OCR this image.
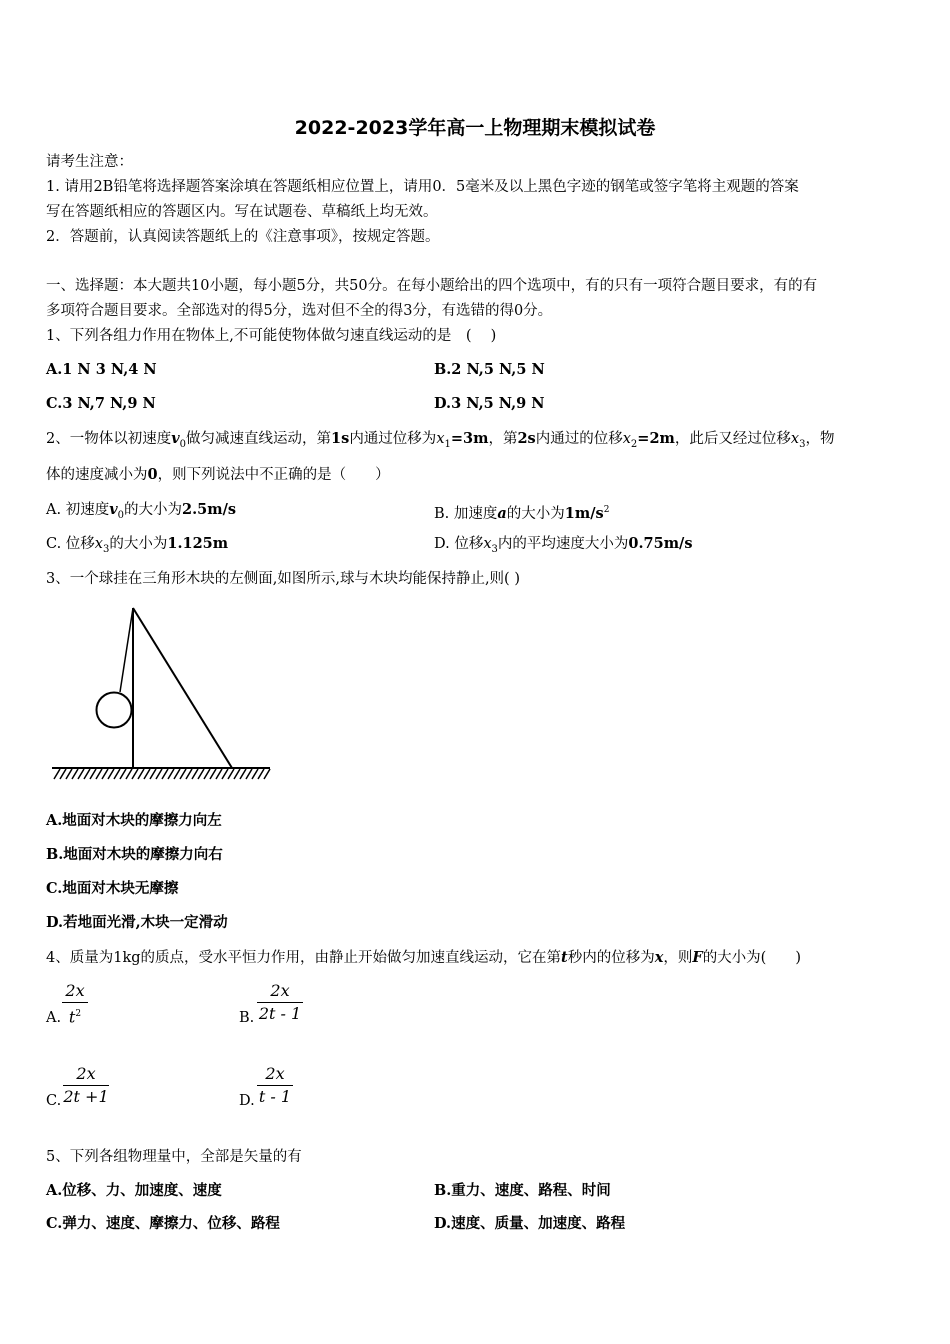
2022-2023学年高一上物理期末模拟试卷
请考生注意：
1. 请用2B铅笔将选择题答案涂填在答题纸相应位置上，请用0．5毫米及以上黑色字迹的钢笔或签字笔将主观题的答案
写在答题纸相应的答题区内。写在试题卷、草稿纸上均无效。
2．答题前，认真阅读答题纸上的《注意事项》，按规定答题。
一、选择题：本大题共10小题，每小题5分，共50分。在每小题给出的四个选项中，有的只有一项符合题目要求，有的有
多项符合题目要求。全部选对的得5分，选对但不全的得3分，有选错的得0分。
1、下列各组力作用在物体上,不可能使物体做匀速直线运动的是　( 　)
A.1 N 3 N,4 N	B.2 N,5 N,5 N
C.3 N,7 N,9 N	D.3 N,5 N,9 N
2、一物体以初速度$v_0$做匀减速直线运动，第1s内通过位移为$x_1=3m$，第2s内通过的位移$x_2=2m$，此后又经过位移$x_3$，物
体的速度减小为0，则下列说法中不正确的是（　　）
A. 初速度$v_0$的大小为2.5m/s	B. 加速度a的大小为$1m/s^2$
C. 位移$x_3$的大小为1.125m	D. 位移$x_3$内的平均速度大小为0.75m/s
3、一个球挂在三角形木块的左侧面,如图所示,球与木块均能保持静止,则( )
A.地面对木块的摩擦力向左
B.地面对木块的摩擦力向右
C.地面对木块无摩擦
D.若地面光滑,木块一定滑动
4、质量为1kg的质点，受水平恒力作用，由静止开始做匀加速直线运动，它在第t秒内的位移为x，则F的大小为(　　)
A.
2x
$t^2$	B.
2x
2t - 1
C.
2x
2t +1	D.
2x
t - 1
5、下列各组物理量中，全部是矢量的有
A.位移、力、加速度、速度	B.重力、速度、路程、时间
C.弹力、速度、摩擦力、位移、路程	D.速度、质量、加速度、路程
